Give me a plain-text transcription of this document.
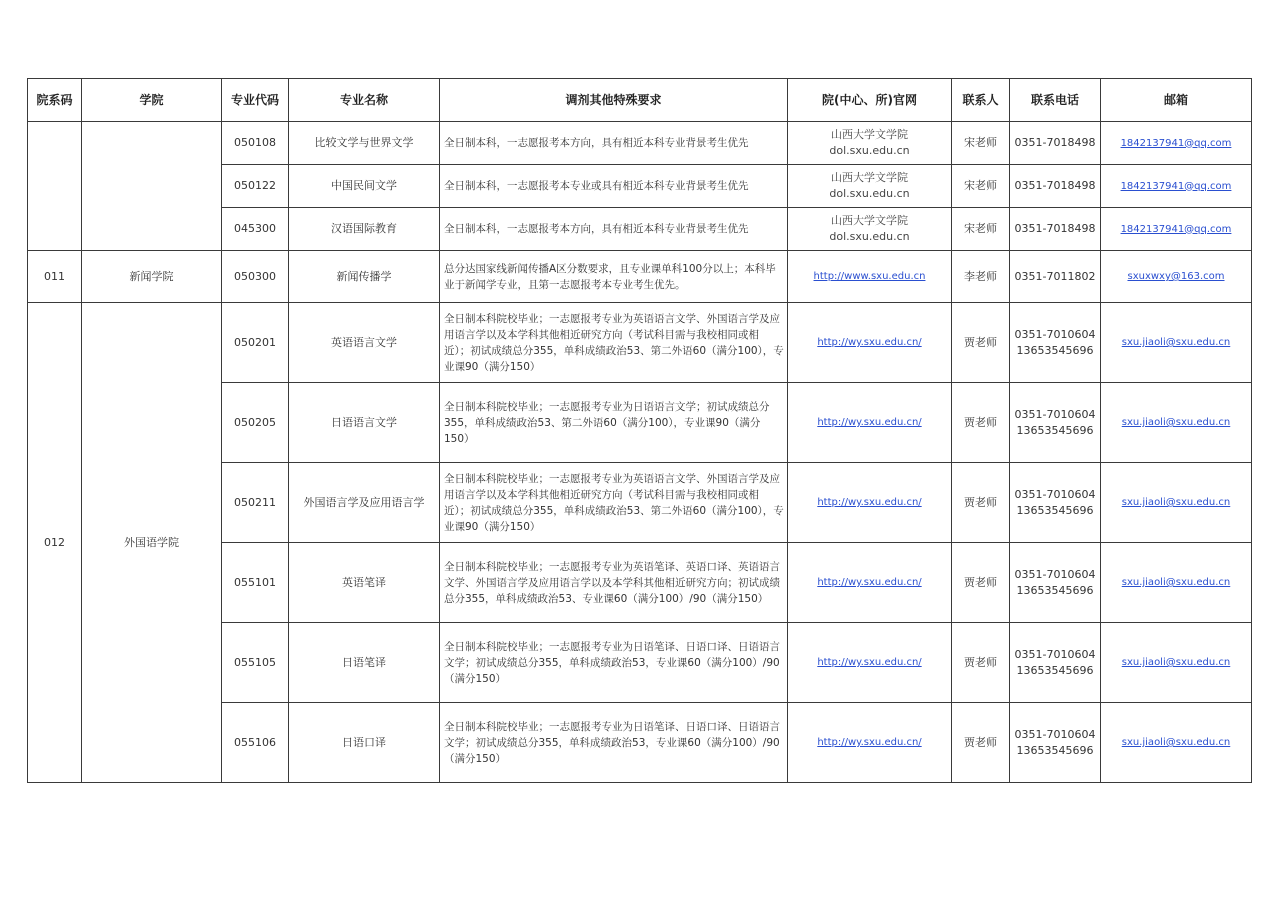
院系码	学院	专业代码	专业名称	调剂其他特殊要求	院(中心、所)官网	联系人	联系电话	邮箱
		050108	比较文学与世界文学	全日制本科，一志愿报考本方向，具有相近本科专业背景考生优先	山西大学文学院 dol.sxu.edu.cn	宋老师	0351-7018498	1842137941@qq.com
		050122	中国民间文学	全日制本科，一志愿报考本专业或具有相近本科专业背景考生优先	山西大学文学院 dol.sxu.edu.cn	宋老师	0351-7018498	1842137941@qq.com
		045300	汉语国际教育	全日制本科，一志愿报考本方向，具有相近本科专业背景考生优先	山西大学文学院 dol.sxu.edu.cn	宋老师	0351-7018498	1842137941@qq.com
011	新闻学院	050300	新闻传播学	总分达国家线新闻传播A区分数要求，且专业课单科100分以上；本科毕业于新闻学专业，且第一志愿报考本专业考生优先。	http://www.sxu.edu.cn	李老师	0351-7011802	sxuxwxy@163.com
012	外国语学院	050201	英语语言文学	全日制本科院校毕业；一志愿报考专业为英语语言文学、外国语言学及应用语言学以及本学科其他相近研究方向（考试科目需与我校相同或相近）；初试成绩总分355，单科成绩政治53、第二外语60（满分100），专业课90（满分150）	http://wy.sxu.edu.cn/	贾老师	0351-7010604 13653545696	sxu.jiaoli@sxu.edu.cn
		050205	日语语言文学	全日制本科院校毕业；一志愿报考专业为日语语言文学；初试成绩总分355，单科成绩政治53、第二外语60（满分100），专业课90（满分150）	http://wy.sxu.edu.cn/	贾老师	0351-7010604 13653545696	sxu.jiaoli@sxu.edu.cn
		050211	外国语言学及应用语言学	全日制本科院校毕业；一志愿报考专业为英语语言文学、外国语言学及应用语言学以及本学科其他相近研究方向（考试科目需与我校相同或相近）；初试成绩总分355，单科成绩政治53、第二外语60（满分100），专业课90（满分150）	http://wy.sxu.edu.cn/	贾老师	0351-7010604 13653545696	sxu.jiaoli@sxu.edu.cn
		055101	英语笔译	全日制本科院校毕业；一志愿报考专业为英语笔译、英语口译、英语语言文学、外国语言学及应用语言学以及本学科其他相近研究方向；初试成绩总分355，单科成绩政治53、专业课60（满分100）/90（满分150）	http://wy.sxu.edu.cn/	贾老师	0351-7010604 13653545696	sxu.jiaoli@sxu.edu.cn
		055105	日语笔译	全日制本科院校毕业；一志愿报考专业为日语笔译、日语口译、日语语言文学；初试成绩总分355，单科成绩政治53，专业课60（满分100）/90（满分150）	http://wy.sxu.edu.cn/	贾老师	0351-7010604 13653545696	sxu.jiaoli@sxu.edu.cn
		055106	日语口译	全日制本科院校毕业；一志愿报考专业为日语笔译、日语口译、日语语言文学；初试成绩总分355，单科成绩政治53，专业课60（满分100）/90（满分150）	http://wy.sxu.edu.cn/	贾老师	0351-7010604 13653545696	sxu.jiaoli@sxu.edu.cn
